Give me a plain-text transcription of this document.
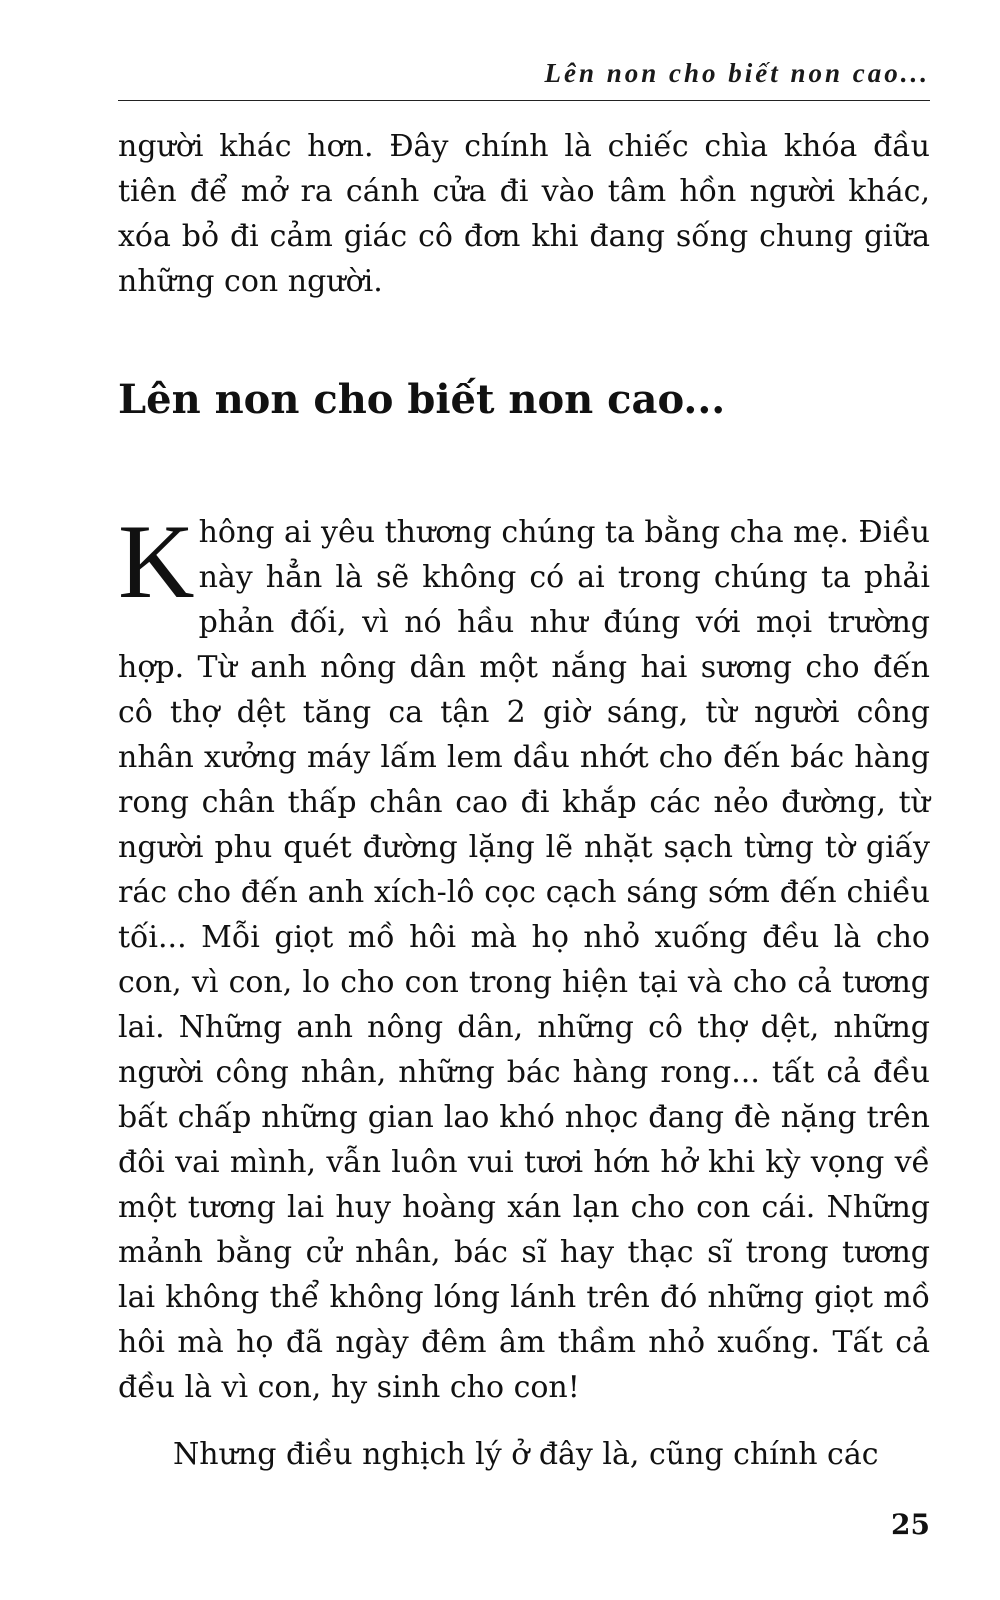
Lên non cho biết non cao...
người khác hơn. Đây chính là chiếc chìa khóa đầu tiên để mở ra cánh cửa đi vào tâm hồn người khác, xóa bỏ đi cảm giác cô đơn khi đang sống chung giữa những con người.
Lên non cho biết non cao...

Không ai yêu thương chúng ta bằng cha mẹ. Điều này hẳn là sẽ không có ai trong chúng ta phải phản đối, vì nó hầu như đúng với mọi trường hợp. Từ anh nông dân một nắng hai sương cho đến cô thợ dệt tăng ca tận 2 giờ sáng, từ người công nhân xưởng máy lấm lem dầu nhớt cho đến bác hàng rong chân thấp chân cao đi khắp các nẻo đường, từ người phu quét đường lặng lẽ nhặt sạch từng tờ giấy rác cho đến anh xích-lô cọc cạch sáng sớm đến chiều tối... Mỗi giọt mồ hôi mà họ nhỏ xuống đều là cho con, vì con, lo cho con trong hiện tại và cho cả tương lai. Những anh nông dân, những cô thợ dệt, những người công nhân, những bác hàng rong... tất cả đều bất chấp những gian lao khó nhọc đang đè nặng trên đôi vai mình, vẫn luôn vui tươi hớn hở khi kỳ vọng về một tương lai huy hoàng xán lạn cho con cái. Những mảnh bằng cử nhân, bác sĩ hay thạc sĩ trong tương lai không thể không lóng lánh trên đó những giọt mồ hôi mà họ đã ngày đêm âm thầm nhỏ xuống. Tất cả đều là vì con, hy sinh cho con!

Nhưng điều nghịch lý ở đây là, cũng chính các

25
